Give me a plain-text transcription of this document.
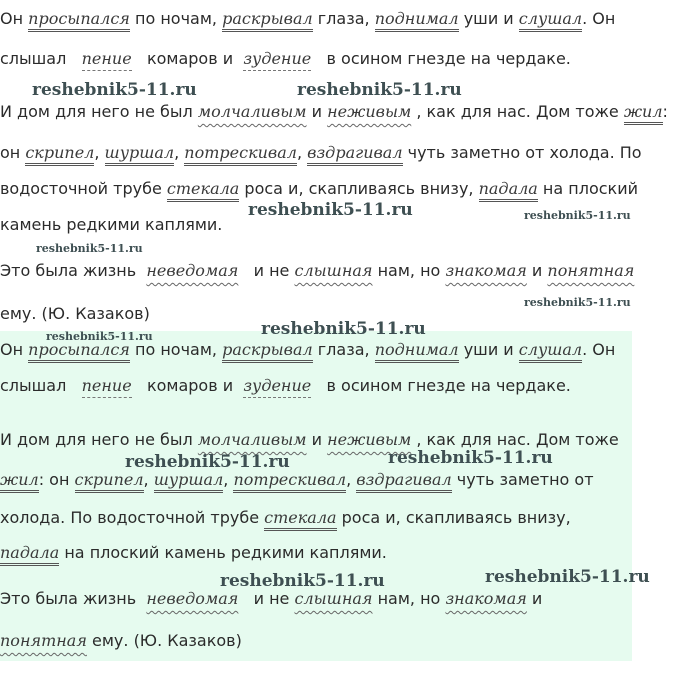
Он просыпался по ночам, раскрывал глаза, поднимал уши и слушал. Он
слышал   пение   комаров и  зудение   в осином гнезде на чердаке.
И дом для него не был молчаливым и неживым , как для нас. Дом тоже жил:
он скрипел, шуршал, потрескивал, вздрагивал чуть заметно от холода. По
водосточной трубе стекала роса и, скапливаясь внизу, падала на плоский
камень редкими каплями.
Это была жизнь  неведомая   и не слышная нам, но знакомая и понятная
ему. (Ю. Казаков)
Он просыпался по ночам, раскрывал глаза, поднимал уши и слушал. Он
слышал   пение   комаров и  зудение   в осином гнезде на чердаке.
И дом для него не был молчаливым и неживым , как для нас. Дом тоже
жил: он скрипел, шуршал, потрескивал, вздрагивал чуть заметно от
холода. По водосточной трубе стекала роса и, скапливаясь внизу,
падала на плоский камень редкими каплями.
Это была жизнь  неведомая   и не слышная нам, но знакомая и
понятная ему. (Ю. Казаков)
reshebnik5-11.ru	reshebnik5-11.ru
reshebnik5-11.ru	reshebnik5-11.ru
reshebnik5-11.ru
reshebnik5-11.ru
reshebnik5-11.ru	reshebnik5-11.ru
reshebnik5-11.ru	reshebnik5-11.ru
reshebnik5-11.ru	reshebnik5-11.ru
